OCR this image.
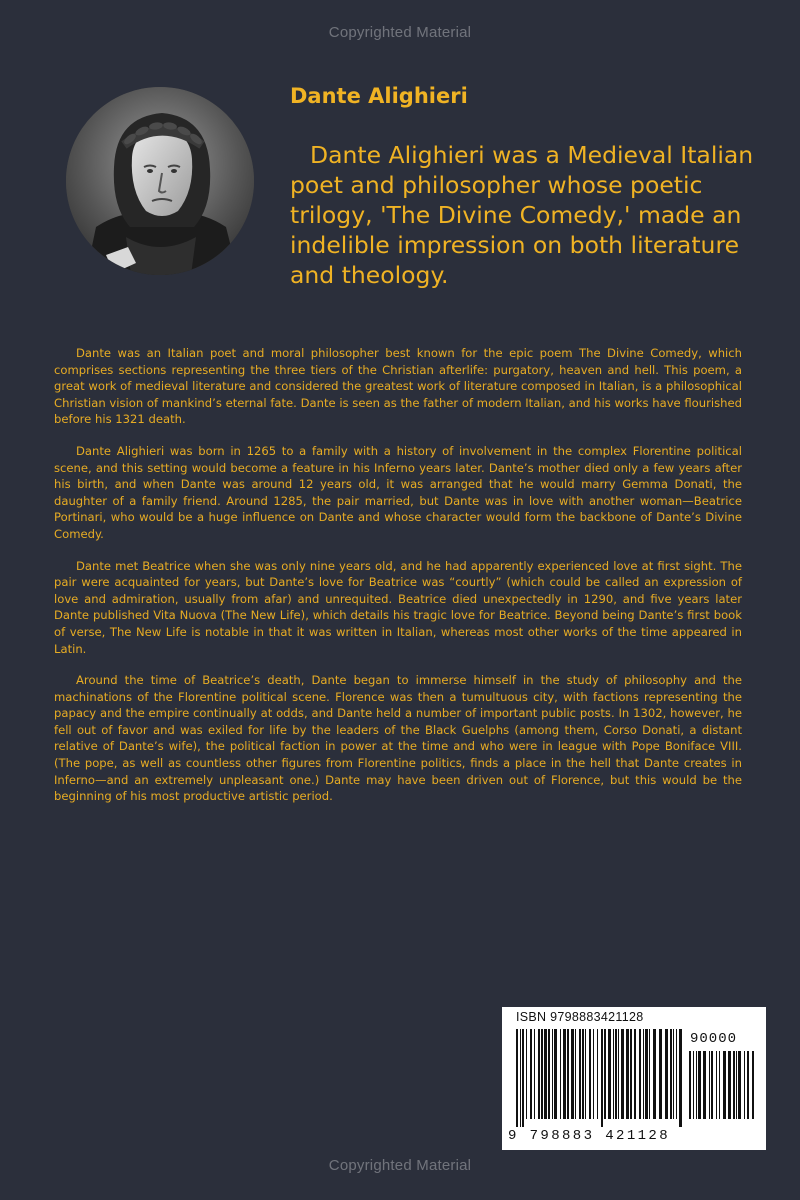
Copyrighted Material
Dante Alighieri

Dante Alighieri was a Medieval Italian poet and philosopher whose poetic trilogy, 'The Divine Comedy,' made an indelible impression on both literature and theology.

Dante was an Italian poet and moral philosopher best known for the epic poem The Divine Comedy, which comprises sections representing the three tiers of the Christian afterlife: purgatory, heaven and hell. This poem, a great work of medieval literature and considered the greatest work of literature composed in Italian, is a philosophical Christian vision of mankind’s eternal fate. Dante is seen as the father of modern Italian, and his works have flourished before his 1321 death.

Dante Alighieri was born in 1265 to a family with a history of involvement in the complex Florentine political scene, and this setting would become a feature in his Inferno years later. Dante’s mother died only a few years after his birth, and when Dante was around 12 years old, it was arranged that he would marry Gemma Donati, the daughter of a family friend. Around 1285, the pair married, but Dante was in love with another woman—Beatrice Portinari, who would be a huge influence on Dante and whose character would form the backbone of Dante’s Divine Comedy.

Dante met Beatrice when she was only nine years old, and he had apparently experienced love at first sight. The pair were acquainted for years, but Dante’s love for Beatrice was “courtly” (which could be called an expression of love and admiration, usually from afar) and unrequited. Beatrice died unexpectedly in 1290, and five years later Dante published Vita Nuova (The New Life), which details his tragic love for Beatrice. Beyond being Dante’s first book of verse, The New Life is notable in that it was written in Italian, whereas most other works of the time appeared in Latin.

Around the time of Beatrice’s death, Dante began to immerse himself in the study of philosophy and the machinations of the Florentine political scene. Florence was then a tumultuous city, with factions representing the papacy and the empire continually at odds, and Dante held a number of important public posts. In 1302, however, he fell out of favor and was exiled for life by the leaders of the Black Guelphs (among them, Corso Donati, a distant relative of Dante’s wife), the political faction in power at the time and who were in league with Pope Boniface VIII. (The pope, as well as countless other figures from Florentine politics, finds a place in the hell that Dante creates in Inferno—and an extremely unpleasant one.) Dante may have been driven out of Florence, but this would be the beginning of his most productive artistic period.

ISBN 9798883421128
90000
9 798883 421128
Copyrighted Material
